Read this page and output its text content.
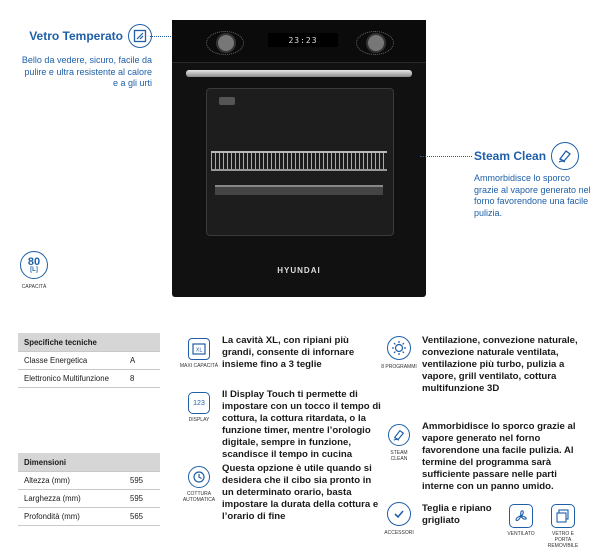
Vetro Temperato
Bello da vedere, sicuro, facile da pulire e ultra resistente al calore e a gli urti
80
[L]
CAPACITÀ
23:23
HYUNDAI
Steam Clean
Ammorbidisce lo sporco grazie al vapore generato nel forno favorendone una facile pulizia.
Specifiche tecniche	
Classe Energetica	A
Elettronico Multifunzione	8
Dimensioni	
Altezza (mm)	595
Larghezza (mm)	595
Profondità (mm)	565
XL
MAXI CAPACITÀ
La cavità XL, con ripiani più grandi, consente di infornare insieme fino a 3 teglie
123
DISPLAY
Il Display Touch ti permette di impostare con un tocco il tempo di cottura, la cottura ritardata, o la funzione timer, mentre l’orologio digitale, sempre in funzione, scandisce il tempo in cucina
COTTURA AUTOMATICA
Questa opzione è utile quando si desidera che il cibo sia pronto in un determinato orario, basta impostare la durata della cottura e l’orario di fine
8 PROGRAMMI
Ventilazione, convezione naturale, convezione naturale ventilata, ventilazione più turbo, pulizia a vapore, grill ventilato, cottura multifunzione 3D
STEAM CLEAN
Ammorbidisce lo sporco grazie al vapore generato nel forno favorendone una facile pulizia. Al termine del programma sarà sufficiente passare nelle parti interne con un panno umido.
ACCESSORI
Teglia e ripiano grigliato
VENTILATO	VETRO E PORTA REMOVIBILE
